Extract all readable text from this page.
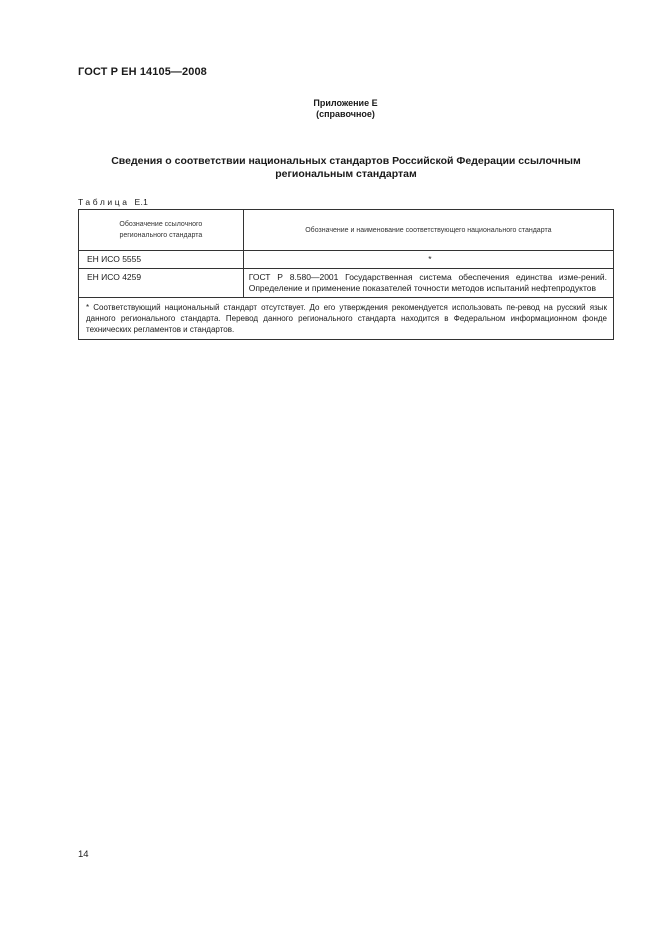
ГОСТ Р ЕН 14105—2008
Приложение Е
(справочное)
Сведения о соответствии национальных стандартов Российской Федерации ссылочным
региональным стандартам
Таблица Е.1
Обозначение ссылочного
регионального стандарта	Обозначение и наименование соответствующего национального стандарта
ЕН ИСО 5555	*
ЕН ИСО 4259	ГОСТ Р 8.580—2001 Государственная система обеспечения единства изме-рений. Определение и применение показателей точности методов испытаний нефтепродуктов
* Соответствующий национальный стандарт отсутствует. До его утверждения рекомендуется использовать пе-ревод на русский язык данного регионального стандарта. Перевод данного регионального стандарта находится в Федеральном информационном фонде технических регламентов и стандартов.	
14
